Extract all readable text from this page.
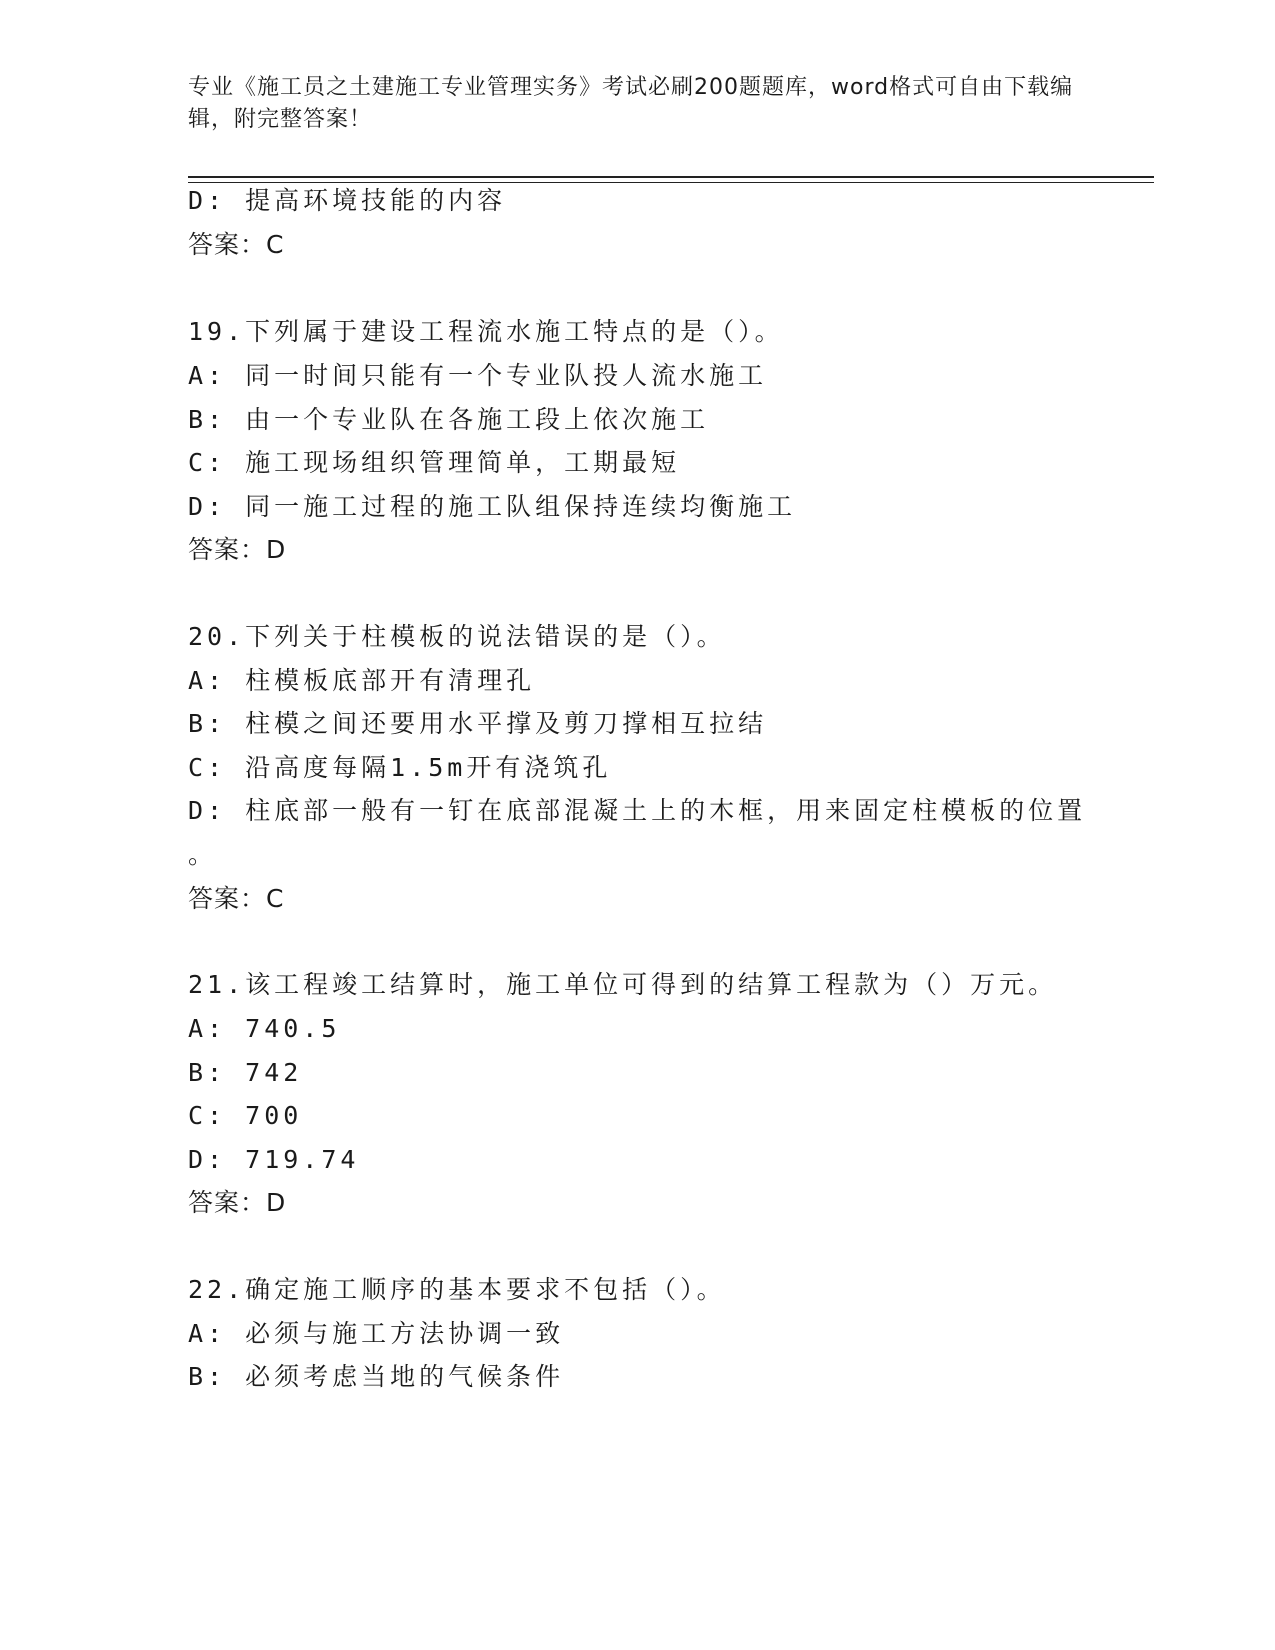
专业《施工员之土建施工专业管理实务》考试必刷200题题库，word格式可自由下载编辑，附完整答案！
D: 提高环境技能的内容
答案：C
19.下列属于建设工程流水施工特点的是（）。
A: 同一时间只能有一个专业队投人流水施工
B: 由一个专业队在各施工段上依次施工
C: 施工现场组织管理简单，工期最短
D: 同一施工过程的施工队组保持连续均衡施工
答案：D
20.下列关于柱模板的说法错误的是（）。
A: 柱模板底部开有清理孔
B: 柱模之间还要用水平撑及剪刀撑相互拉结
C: 沿高度每隔1.5m开有浇筑孔
D: 柱底部一般有一钉在底部混凝土上的木框，用来固定柱模板的位置
。
答案：C
21.该工程竣工结算时，施工单位可得到的结算工程款为（）万元。
A: 740.5
B: 742
C: 700
D: 719.74
答案：D
22.确定施工顺序的基本要求不包括（）。
A: 必须与施工方法协调一致
B: 必须考虑当地的气候条件
